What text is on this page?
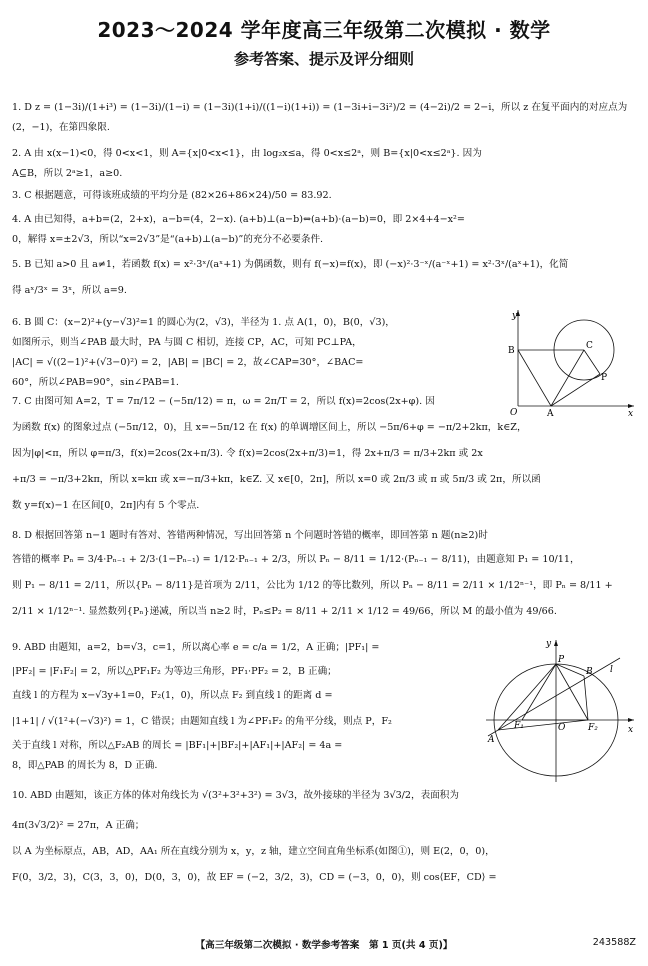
2023～2024 学年度高三年级第二次模拟 · 数学
参考答案、提示及评分细则
1. D z = (1−3i)/(1+i³) = (1−3i)/(1−i) = (1−3i)(1+i)/((1−i)(1+i)) = (1−3i+i−3i²)/2 = (4−2i)/2 = 2−i，所以 z 在复平面内的对应点为
(2，−1)，在第四象限.
2. A 由 x(x−1)<0，得 0<x<1，则 A={x|0<x<1}，由 log₂x≤a，得 0<x≤2ᵃ，则 B={x|0<x≤2ᵃ}. 因为
A⊆B，所以 2ᵃ≥1，a≥0.
3. C 根据题意，可得该班成绩的平均分是 (82×26+86×24)/50 = 83.92.
4. A 由已知得，a+b=(2，2+x)，a−b=(4，2−x). (a+b)⊥(a−b)⇔(a+b)·(a−b)=0，即 2×4+4−x²=
0，解得 x=±2√3，所以“x=2√3”是“(a+b)⊥(a−b)”的充分不必要条件.
5. B 已知 a>0 且 a≠1，若函数 f(x) = x²·3ˣ/(aˣ+1) 为偶函数，则有 f(−x)=f(x)，即 (−x)²·3⁻ˣ/(a⁻ˣ+1) = x²·3ˣ/(aˣ+1)，化简
得 aˣ/3ˣ = 3ˣ，所以 a=9.
6. B 圆 C：(x−2)²+(y−√3)²=1 的圆心为(2，√3)，半径为 1. 点 A(1，0)，B(0，√3)，
如图所示，则当∠PAB 最大时，PA 与圆 C 相切，连接 CP，AC，可知 PC⊥PA，
|AC| = √((2−1)²+(√3−0)²) = 2，|AB| = |BC| = 2，故∠CAP=30°，∠BAC=
60°，所以∠PAB=90°，sin∠PAB=1.
y
x
O	A
B	C
P
7. C 由图可知 A=2，T = 7π/12 − (−5π/12) = π，ω = 2π/T = 2，所以 f(x)=2cos(2x+φ). 因
为函数 f(x) 的图象过点 (−5π/12，0)，且 x=−5π/12 在 f(x) 的单调增区间上，所以 −5π/6+φ = −π/2+2kπ，k∈Z，
因为|φ|<π，所以 φ=π/3，f(x)=2cos(2x+π/3). 令 f(x)=2cos(2x+π/3)=1，得 2x+π/3 = π/3+2kπ 或 2x
+π/3 = −π/3+2kπ，所以 x=kπ 或 x=−π/3+kπ，k∈Z. 又 x∈[0，2π]，所以 x=0 或 2π/3 或 π 或 5π/3 或 2π，所以函
数 y=f(x)−1 在区间[0，2π]内有 5 个零点.
8. D 根据回答第 n−1 题时有答对、答错两种情况，写出回答第 n 个问题时答错的概率，即回答第 n 题(n≥2)时
答错的概率 Pₙ = 3/4·Pₙ₋₁ + 2/3·(1−Pₙ₋₁) = 1/12·Pₙ₋₁ + 2/3，所以 Pₙ − 8/11 = 1/12·(Pₙ₋₁ − 8/11)，由题意知 P₁ = 10/11，
则 P₁ − 8/11 = 2/11，所以{Pₙ − 8/11}是首项为 2/11，公比为 1/12 的等比数列，所以 Pₙ − 8/11 = 2/11 × 1/12ⁿ⁻¹，即 Pₙ = 8/11 +
2/11 × 1/12ⁿ⁻¹. 显然数列{Pₙ}递减，所以当 n≥2 时，Pₙ≤P₂ = 8/11 + 2/11 × 1/12 = 49/66，所以 M 的最小值为 49/66.
9. ABD 由题知，a=2，b=√3，c=1，所以离心率 e = c/a = 1/2，A 正确；|PF₁| =
|PF₂| = |F₁F₂| = 2，所以△PF₁F₂ 为等边三角形，PF₁·PF₂ = 2，B 正确；
直线 l 的方程为 x−√3y+1=0，F₂(1，0)，所以点 F₂ 到直线 l 的距离 d =
|1+1| / √(1²+(−√3)²) = 1，C 错误；由题知直线 l 为∠PF₁F₂ 的角平分线，则点 P，F₂
关于直线 l 对称，所以△F₂AB 的周长 = |BF₁|+|BF₂|+|AF₁|+|AF₂| = 4a =
8，即△PAB 的周长为 8，D 正确.
y
x
O
P
B
A
F₁	F₂
l
10. ABD 由题知，该正方体的体对角线长为 √(3²+3²+3²) = 3√3，故外接球的半径为 3√3/2，表面积为
4π(3√3/2)² = 27π，A 正确；
以 A 为坐标原点，AB，AD，AA₁ 所在直线分别为 x，y，z 轴，建立空间直角坐标系(如图①)，则 E(2，0，0)，
F(0，3/2，3)，C(3，3，0)，D(0，3，0)，故 EF = (−2，3/2，3)，CD = (−3，0，0)，则 cos⟨EF，CD⟩ =
【高三年级第二次模拟 · 数学参考答案　第 1 页(共 4 页)】	243588Z
